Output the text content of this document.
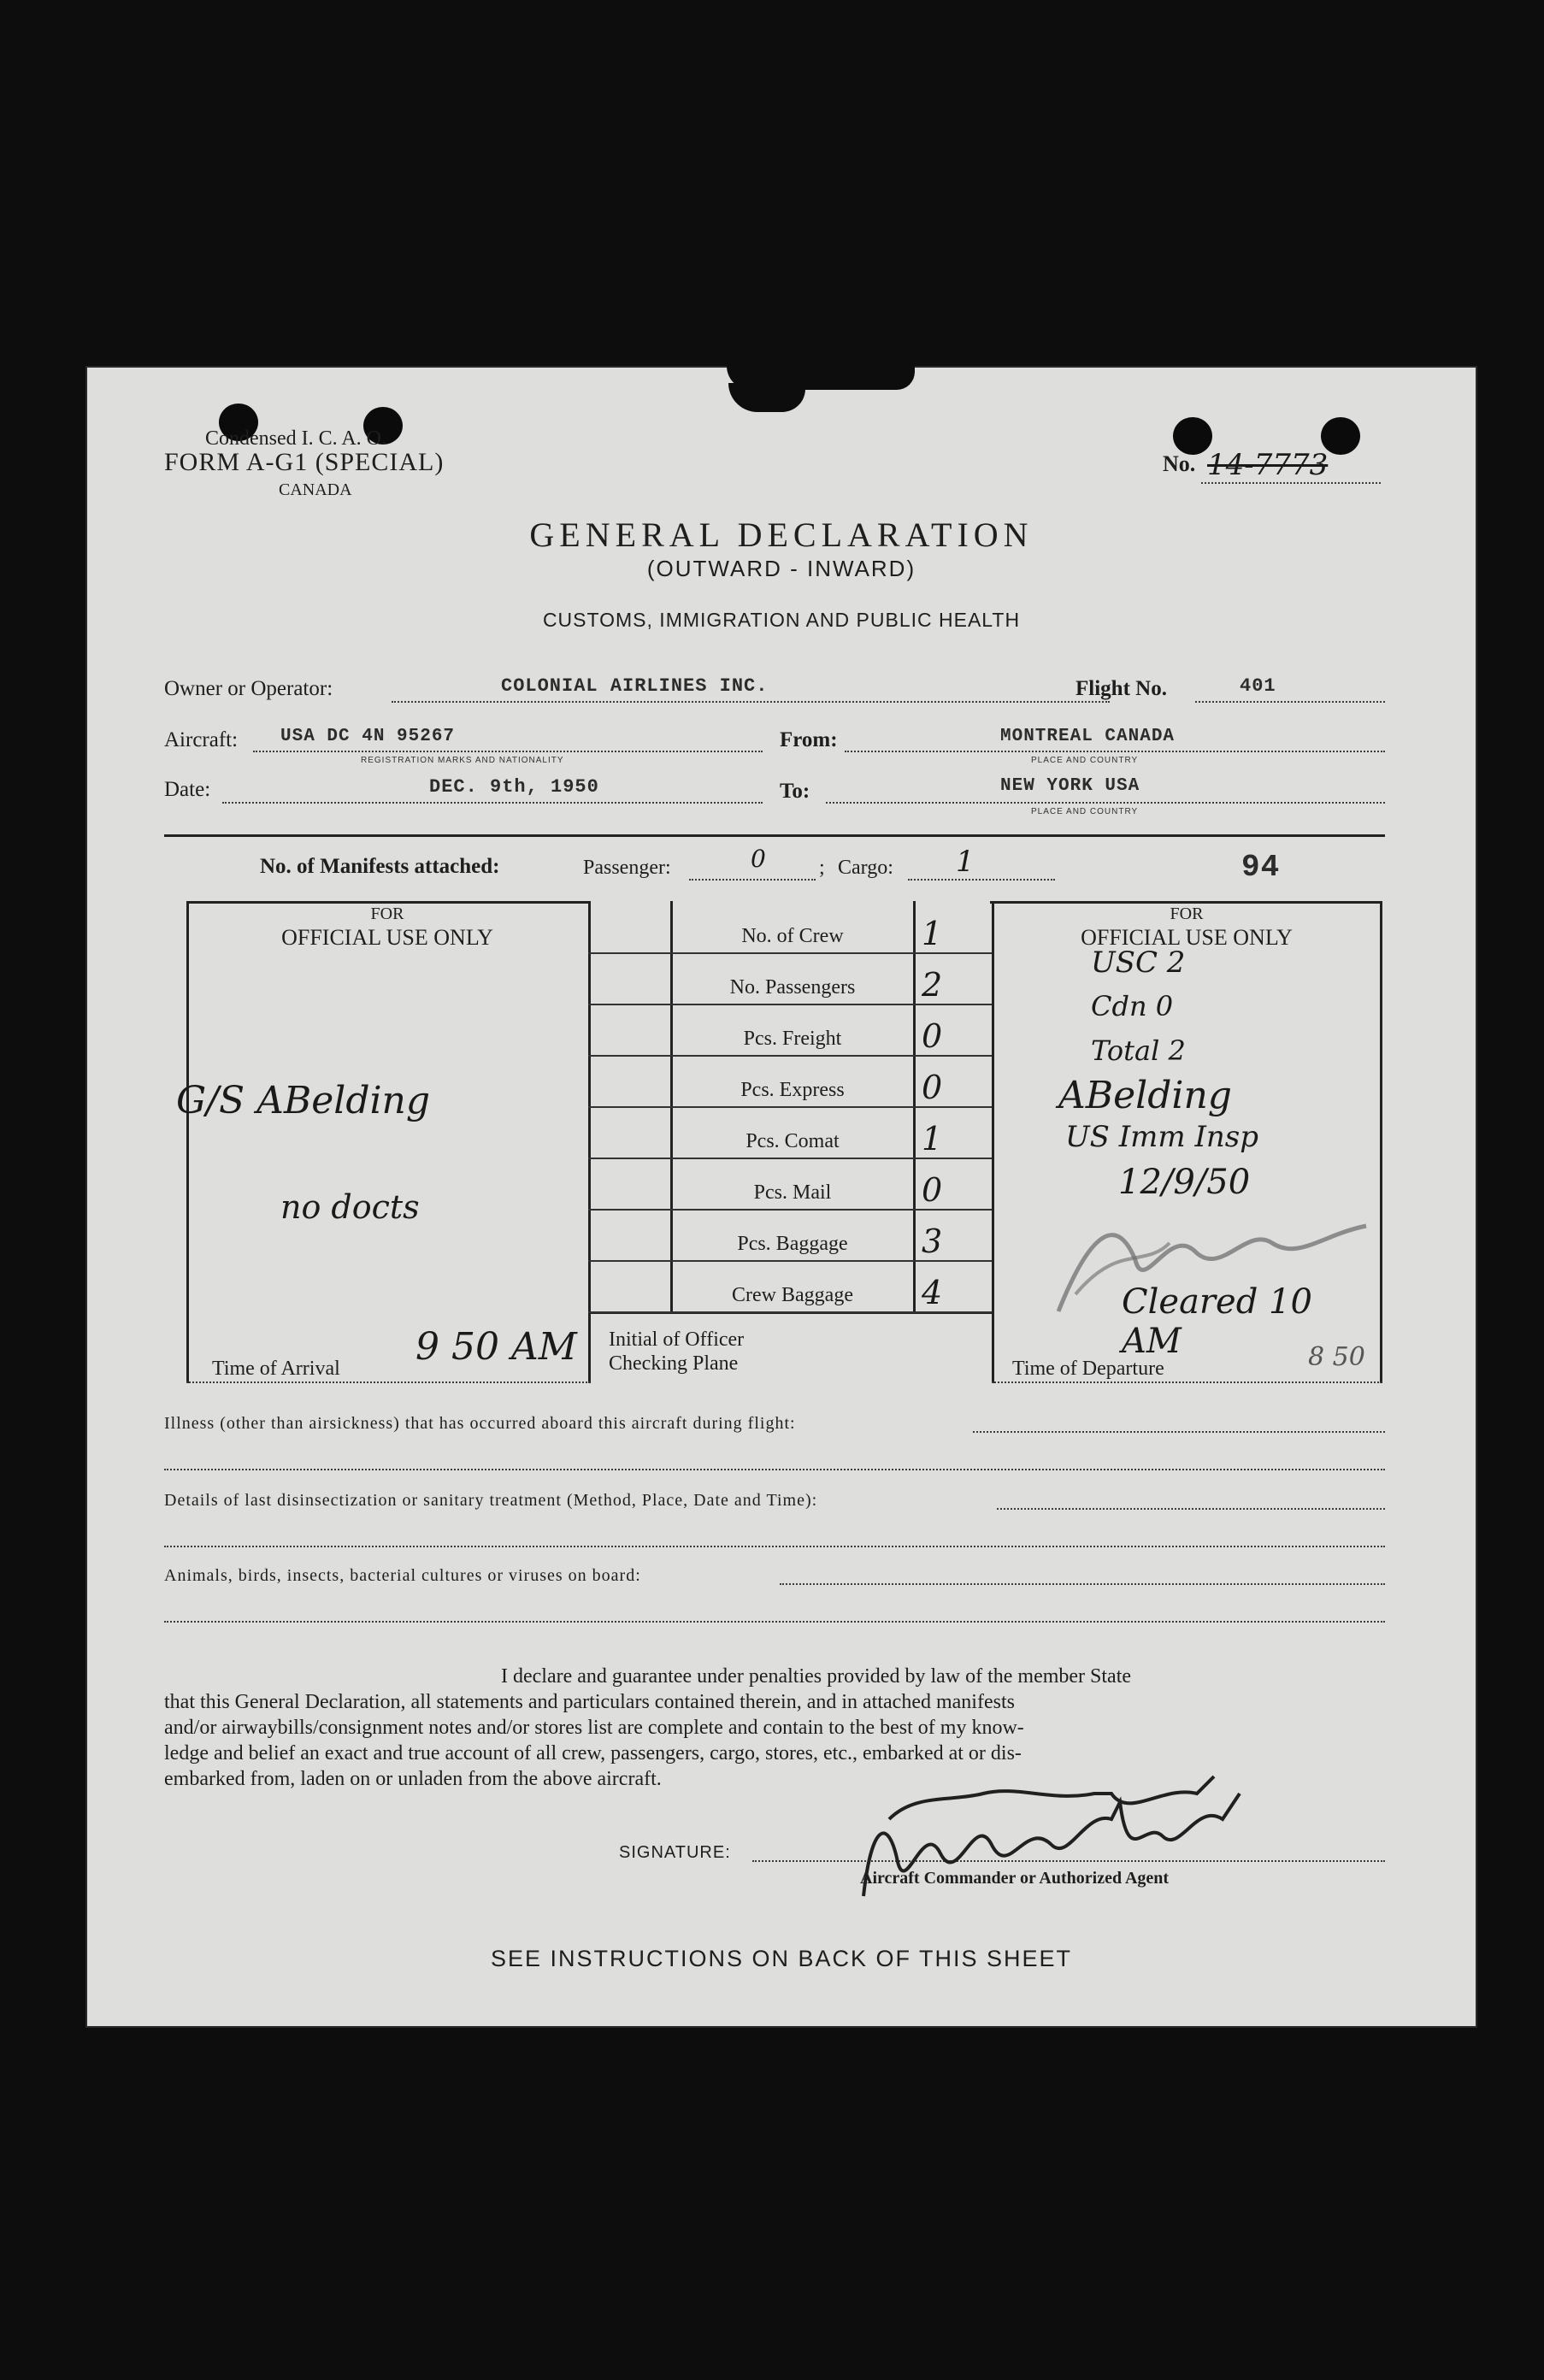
Condensed I. C. A. O.
FORM A-G1 (SPECIAL)
CANADA
No. 14-7773
GENERAL DECLARATION
(OUTWARD - INWARD)
CUSTOMS, IMMIGRATION AND PUBLIC HEALTH
Owner or Operator:	COLONIAL AIRLINES INC.	Flight No.	401
Aircraft: USA DC 4N 95267
REGISTRATION MARKS AND NATIONALITY
From:	MONTREAL CANADA
PLACE AND COUNTRY
Date:	DEC. 9th, 1950	To:	NEW YORK USA
PLACE AND COUNTRY
No. of Manifests attached:	Passenger:	0	; Cargo: 1	94
FOR
OFFICIAL USE ONLY
G/S ABelding
no docts
Time of Arrival 9 50 AM
No. of Crew	1
No. Passengers	2
Pcs. Freight	0
Pcs. Express	0
Pcs. Comat	1
Pcs. Mail	0
Pcs. Baggage	3
Crew Baggage	4
Initial of Officer
Checking Plane
FOR
OFFICIAL USE ONLY
USC 2
Cdn 0
Total 2
ABelding
US Imm Insp
12/9/50
Cleared 10 AM
Time of Departure	8 50
Illness (other than airsickness) that has occurred aboard this aircraft during flight:
Details of last disinsectization or sanitary treatment (Method, Place, Date and Time):
Animals, birds, insects, bacterial cultures or viruses on board:
I declare and guarantee under penalties provided by law of the member State
that this General Declaration, all statements and particulars contained therein, and in attached manifests
and/or airwaybills/consignment notes and/or stores list are complete and contain to the best of my know-
ledge and belief an exact and true account of all crew, passengers, cargo, stores, etc., embarked at or dis-
embarked from, laden on or unladen from the above aircraft.
SIGNATURE:
Aircraft Commander or Authorized Agent
SEE INSTRUCTIONS ON BACK OF THIS SHEET
